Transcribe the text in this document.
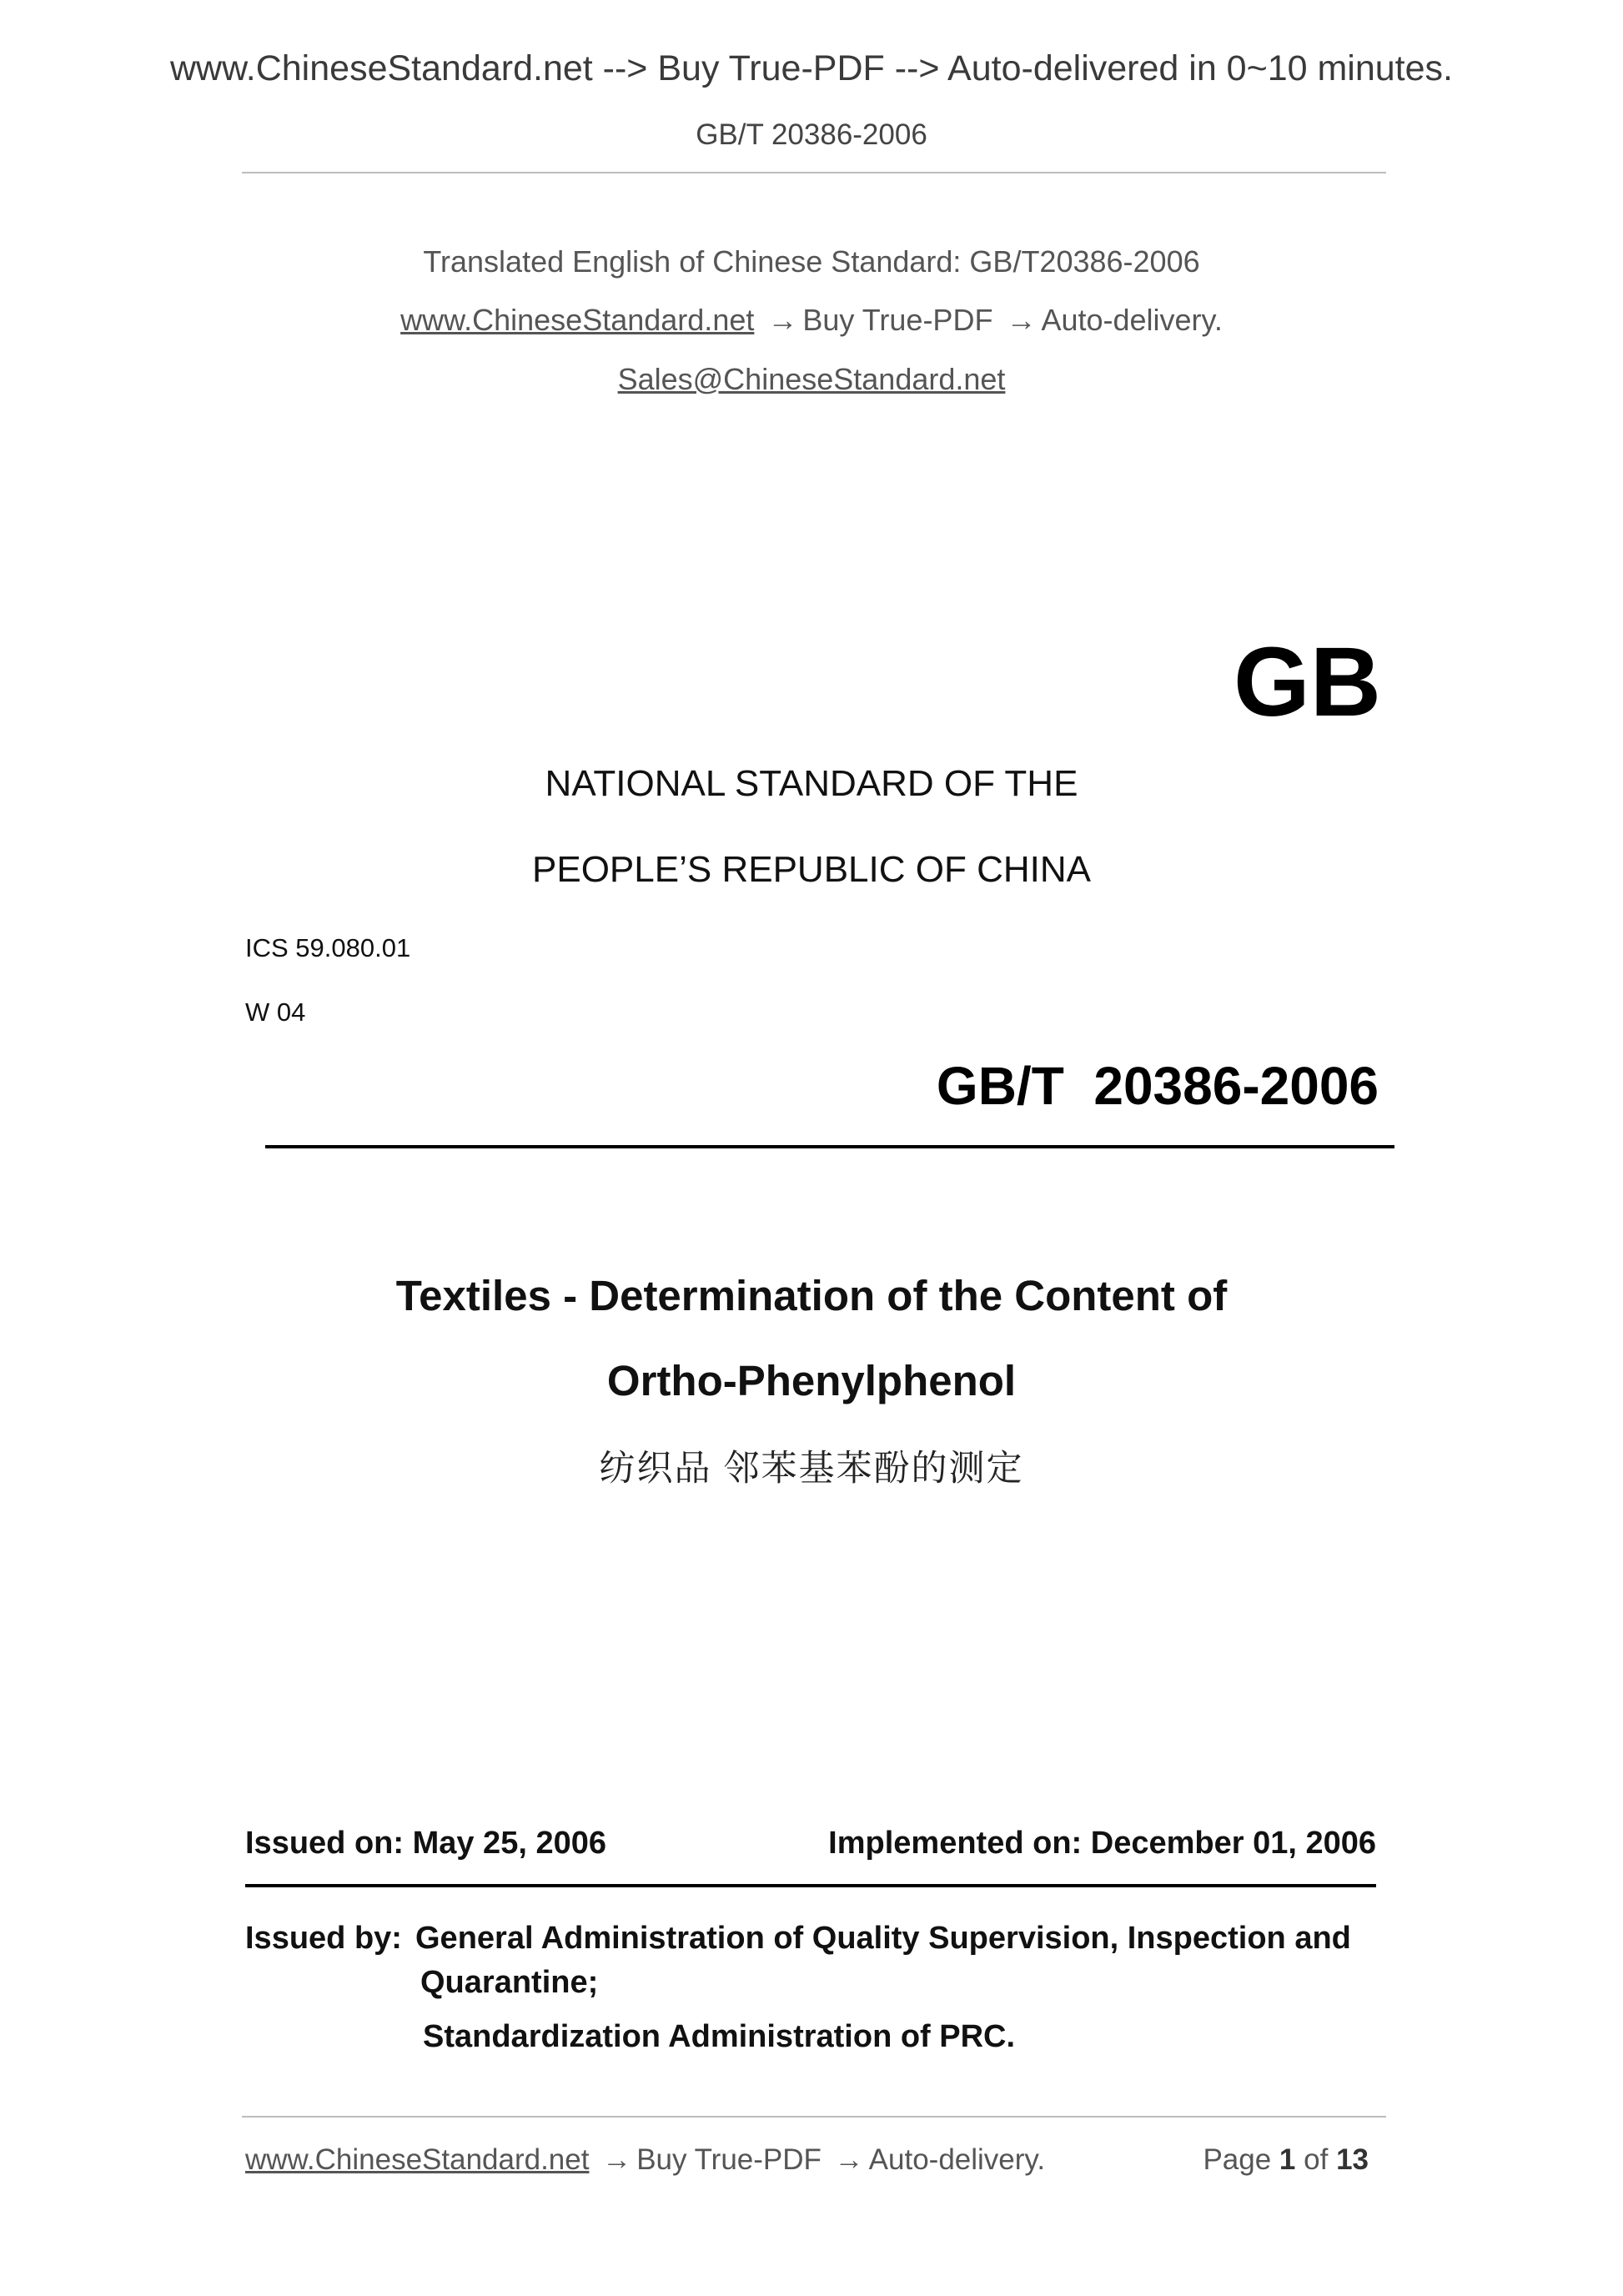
www.ChineseStandard.net --> Buy True-PDF --> Auto-delivered in 0~10 minutes.
GB/T 20386-2006
Translated English of Chinese Standard: GB/T20386-2006
www.ChineseStandard.net → Buy True-PDF → Auto-delivery.
Sales@ChineseStandard.net
GB
NATIONAL STANDARD OF THE
PEOPLE’S REPUBLIC OF CHINA
ICS 59.080.01
W 04
GB/T  20386-2006
Textiles - Determination of the Content of
Ortho-Phenylphenol
纺织品 邻苯基苯酚的测定
Issued on: May 25, 2006	Implemented on: December 01, 2006
Issued by: General Administration of Quality Supervision, Inspection and
Quarantine;
Standardization Administration of PRC.
www.ChineseStandard.net → Buy True-PDF → Auto-delivery.	Page 1 of 13
